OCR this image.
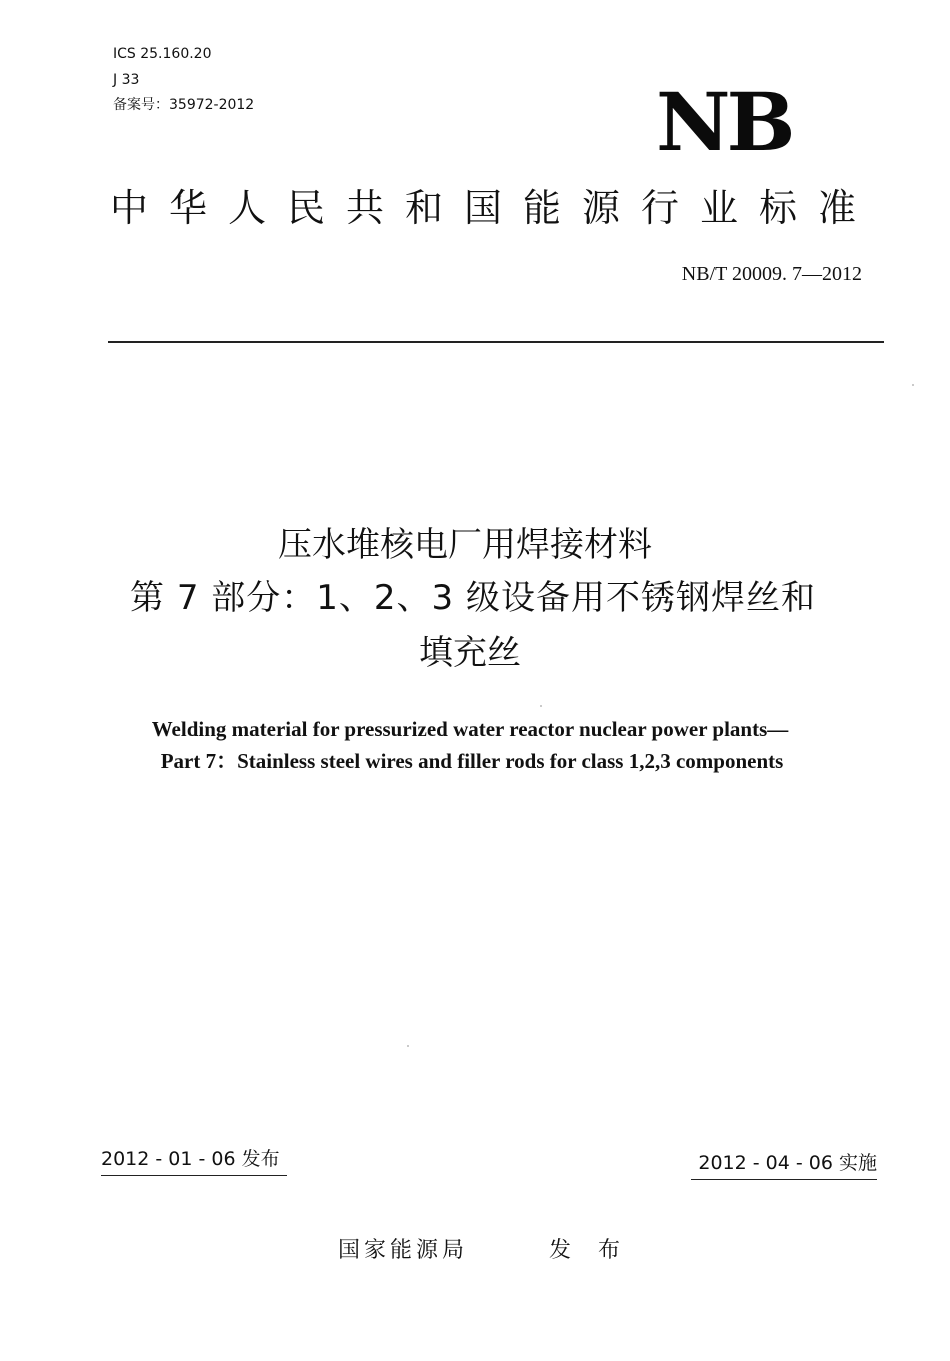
ICS 25.160.20
J 33
备案号：35972-2012	NB
中华人民共和国能源行业标准
NB/T 20009. 7—2012
压水堆核电厂用焊接材料
第 7 部分：1、2、3 级设备用不锈钢焊丝和
填充丝
Welding material for pressurized water reactor nuclear power plants—
Part 7：Stainless steel wires and filler rods for class 1,2,3 components
2012 - 01 - 06 发布	2012 - 04 - 06 实施
国家能源局	发 布
